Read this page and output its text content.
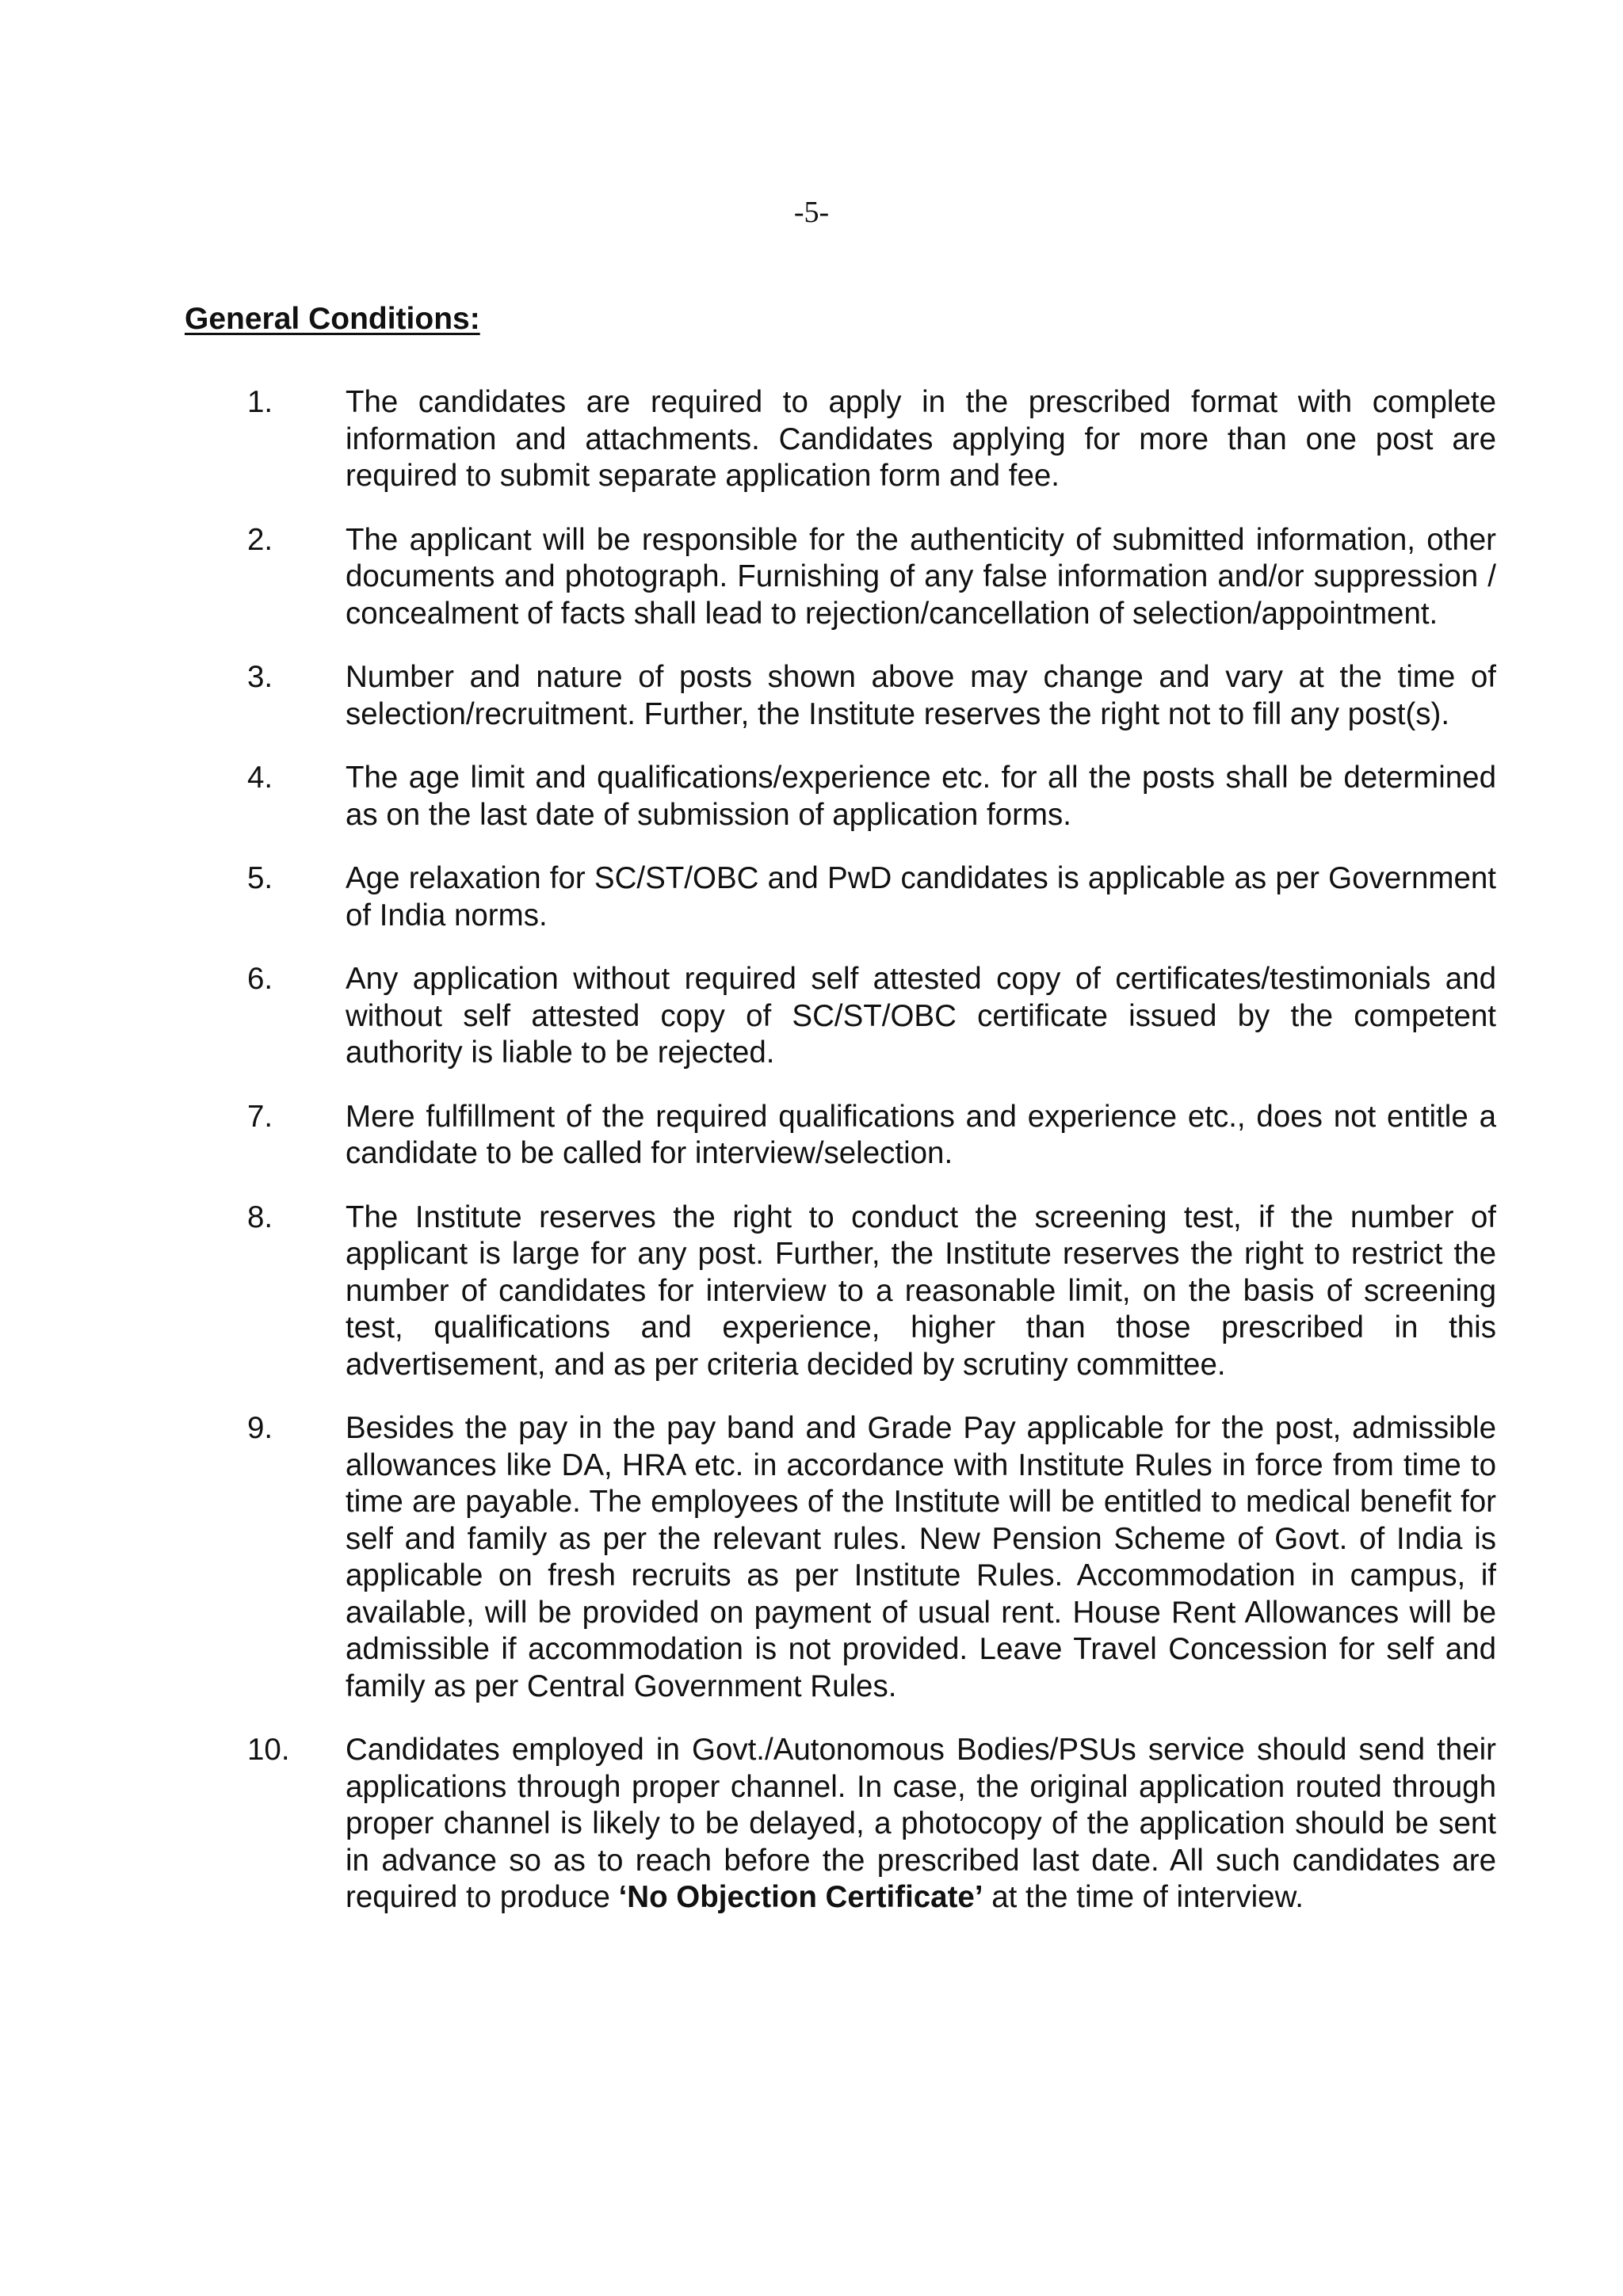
-5-
General Conditions:
1.	The candidates are required to apply in the prescribed format with complete information and attachments. Candidates applying for more than one post are required to submit separate application form and fee.
2.	The applicant will be responsible for the authenticity of submitted information, other documents and photograph. Furnishing of any false information and/or suppression / concealment of facts shall lead to rejection/cancellation of selection/appointment.
3.	Number and nature of posts shown above may change and vary at the time of selection/recruitment. Further, the Institute reserves the right not to fill any post(s).
4.	The age limit and qualifications/experience etc. for all the posts shall be determined as on the last date of submission of application forms.
5.	Age relaxation for SC/ST/OBC and PwD candidates is applicable as per Government of India norms.
6.	Any application without required self attested copy of certificates/testimonials and without self attested copy of SC/ST/OBC certificate issued by the competent authority is liable to be rejected.
7.	Mere fulfillment of the required qualifications and experience etc., does not entitle a candidate to be called for interview/selection.
8.	The Institute reserves the right to conduct the screening test, if the number of applicant is large for any post. Further, the Institute reserves the right to restrict the number of candidates for interview to a reasonable limit, on the basis of screening test, qualifications and experience, higher than those prescribed in this advertisement, and as per criteria decided by scrutiny committee.
9.	Besides the pay in the pay band and Grade Pay applicable for the post, admissible allowances like DA, HRA etc. in accordance with Institute Rules in force from time to time are payable. The employees of the Institute will be entitled to medical benefit for self and family as per the relevant rules. New Pension Scheme of Govt. of India is applicable on fresh recruits as per Institute Rules. Accommodation in campus, if available, will be provided on payment of usual rent. House Rent Allowances will be admissible if accommodation is not provided. Leave Travel Concession for self and family as per Central Government Rules.
10.	Candidates employed in Govt./Autonomous Bodies/PSUs service should send their applications through proper channel. In case, the original application routed through proper channel is likely to be delayed, a photocopy of the application should be sent in advance so as to reach before the prescribed last date. All such candidates are required to produce ‘No Objection Certificate’ at the time of interview.
